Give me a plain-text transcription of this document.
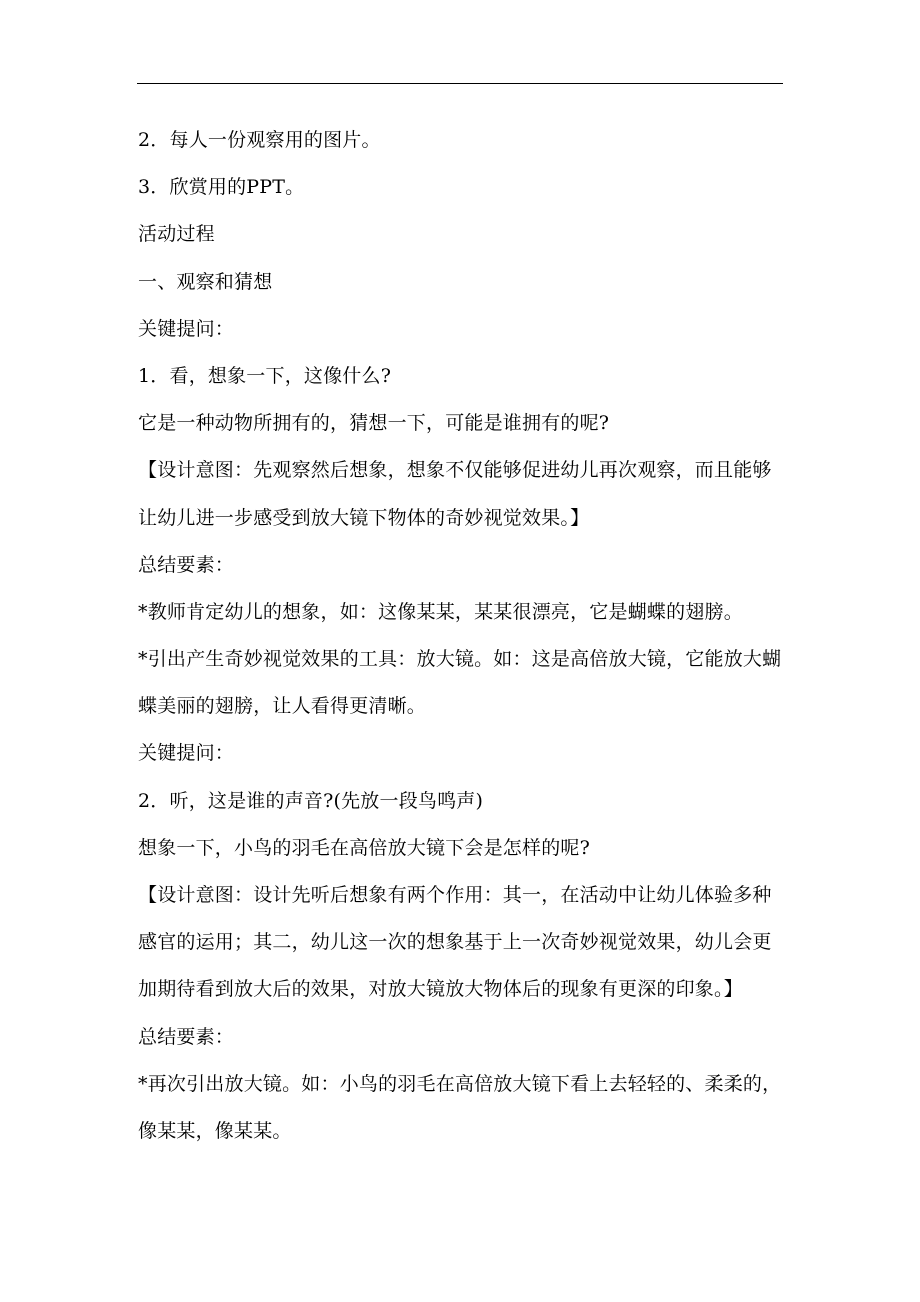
2．每人一份观察用的图片。
3．欣赏用的PPT。
活动过程
一、观察和猜想
关键提问：
1．看，想象一下，这像什么?
它是一种动物所拥有的，猜想一下，可能是谁拥有的呢?
【设计意图：先观察然后想象，想象不仅能够促进幼儿再次观察，而且能够
让幼儿进一步感受到放大镜下物体的奇妙视觉效果。】
总结要素：
*教师肯定幼儿的想象，如：这像某某，某某很漂亮，它是蝴蝶的翅膀。
*引出产生奇妙视觉效果的工具：放大镜。如：这是高倍放大镜，它能放大蝴
蝶美丽的翅膀，让人看得更清晰。
关键提问：
2．听，这是谁的声音?(先放一段鸟鸣声)
想象一下，小鸟的羽毛在高倍放大镜下会是怎样的呢?
【设计意图：设计先听后想象有两个作用：其一，在活动中让幼儿体验多种
感官的运用；其二，幼儿这一次的想象基于上一次奇妙视觉效果，幼儿会更
加期待看到放大后的效果，对放大镜放大物体后的现象有更深的印象。】
总结要素：
*再次引出放大镜。如：小鸟的羽毛在高倍放大镜下看上去轻轻的、柔柔的，
像某某，像某某。
